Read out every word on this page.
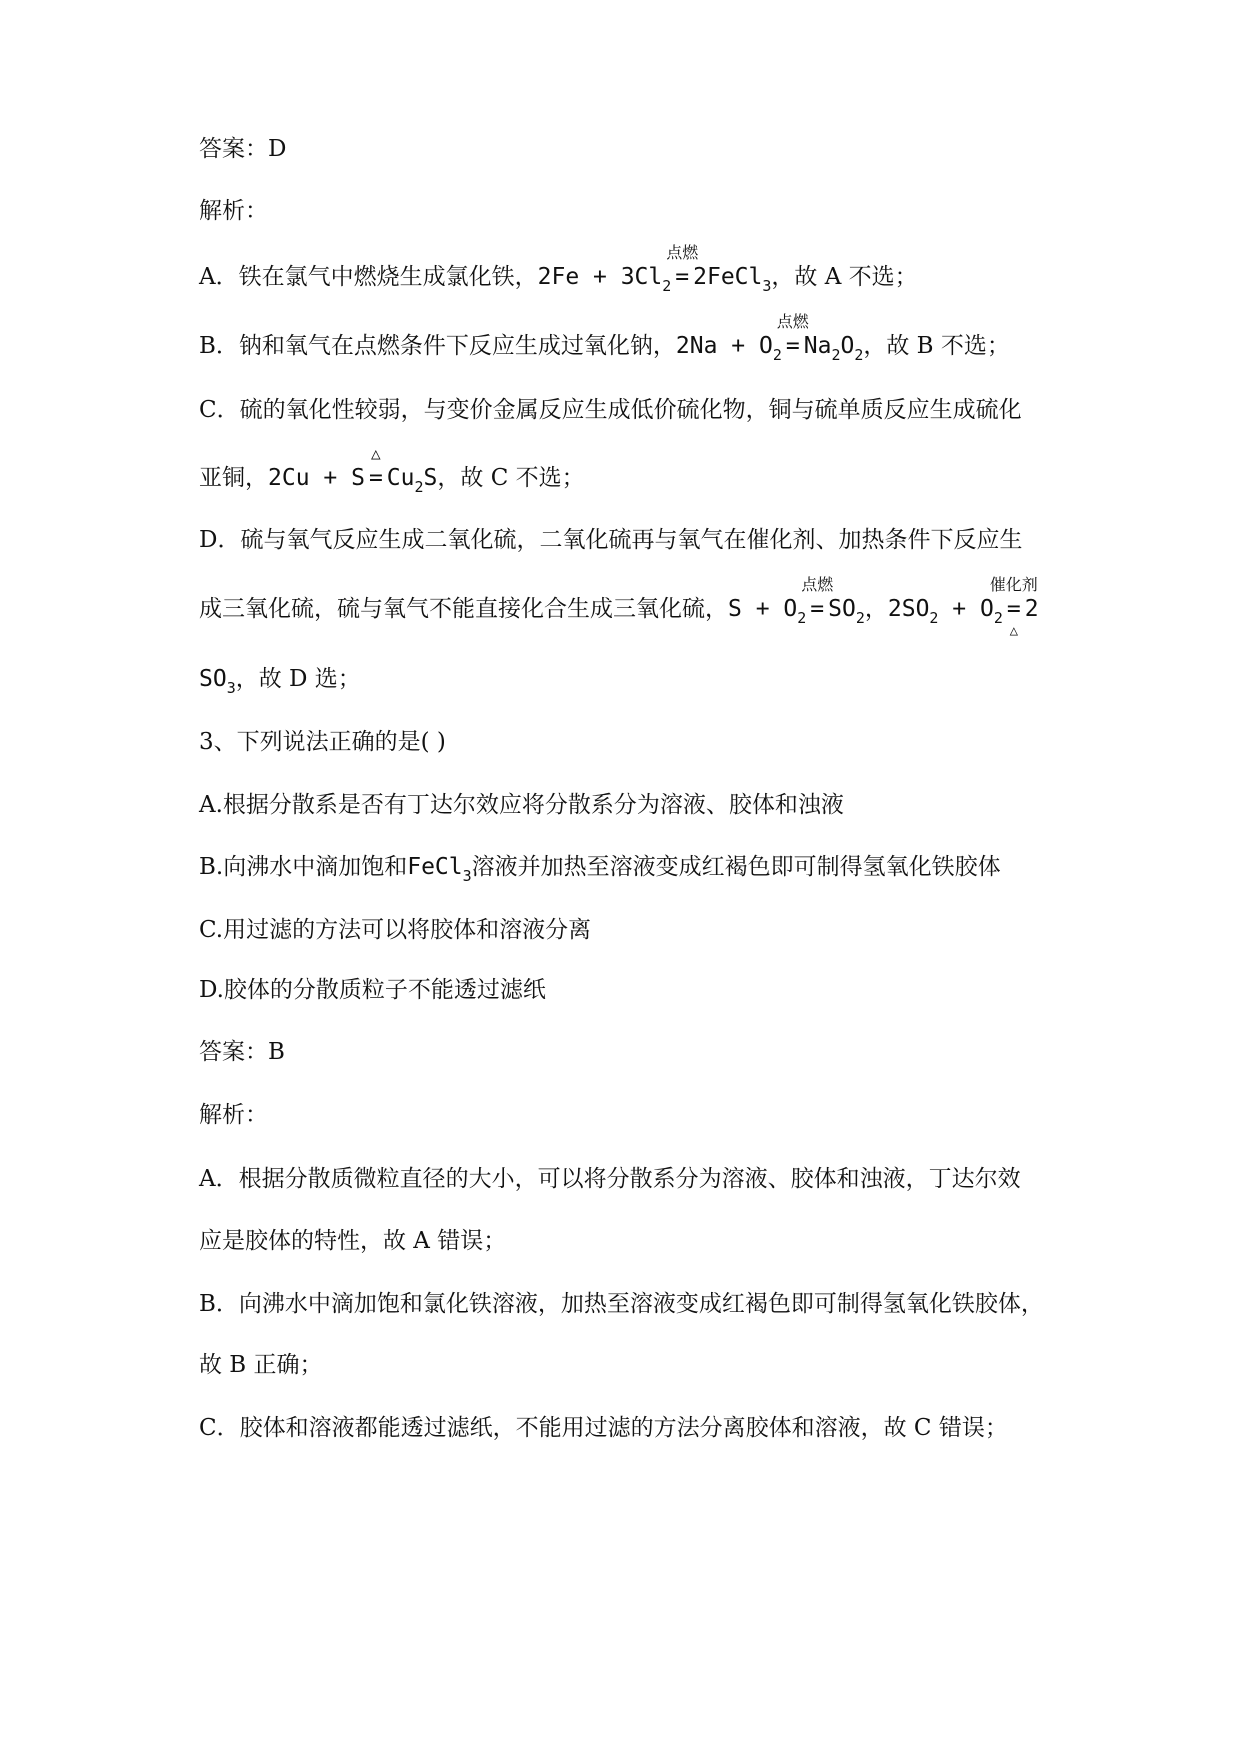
答案：D
解析：
A．铁在氯气中燃烧生成氯化铁，$2Fe + 3Cl_2$
点燃
= 2FeCl$_3$，故 A 不选；
B．钠和氧气在点燃条件下反应生成过氧化钠，$2Na + O_2$
点燃
= $Na_2O_2$，故 B 不选；
C．硫的氧化性较弱，与变价金属反应生成低价硫化物，铜与硫单质反应生成硫化
亚铜，2Cu + S
△
= $Cu_2S$，故 C 不选；
D．硫与氧气反应生成二氧化硫，二氧化硫再与氧气在催化剂、加热条件下反应生
成三氧化硫，硫与氧气不能直接化合生成三氧化硫，$S + O_2$
点燃
= $SO_2$，$2SO_2 + O_2$
催化剂
=
△
2
$SO_3$，故 D 选；
3、下列说法正确的是( )
A.根据分散系是否有丁达尔效应将分散系分为溶液、胶体和浊液
B.向沸水中滴加饱和FeCl$_3$溶液并加热至溶液变成红褐色即可制得氢氧化铁胶体
C.用过滤的方法可以将胶体和溶液分离
D.胶体的分散质粒子不能透过滤纸
答案：B
解析：
A．根据分散质微粒直径的大小，可以将分散系分为溶液、胶体和浊液，丁达尔效
应是胶体的特性，故 A 错误；
B．向沸水中滴加饱和氯化铁溶液，加热至溶液变成红褐色即可制得氢氧化铁胶体，
故 B 正确；
C．胶体和溶液都能透过滤纸，不能用过滤的方法分离胶体和溶液，故 C 错误；
